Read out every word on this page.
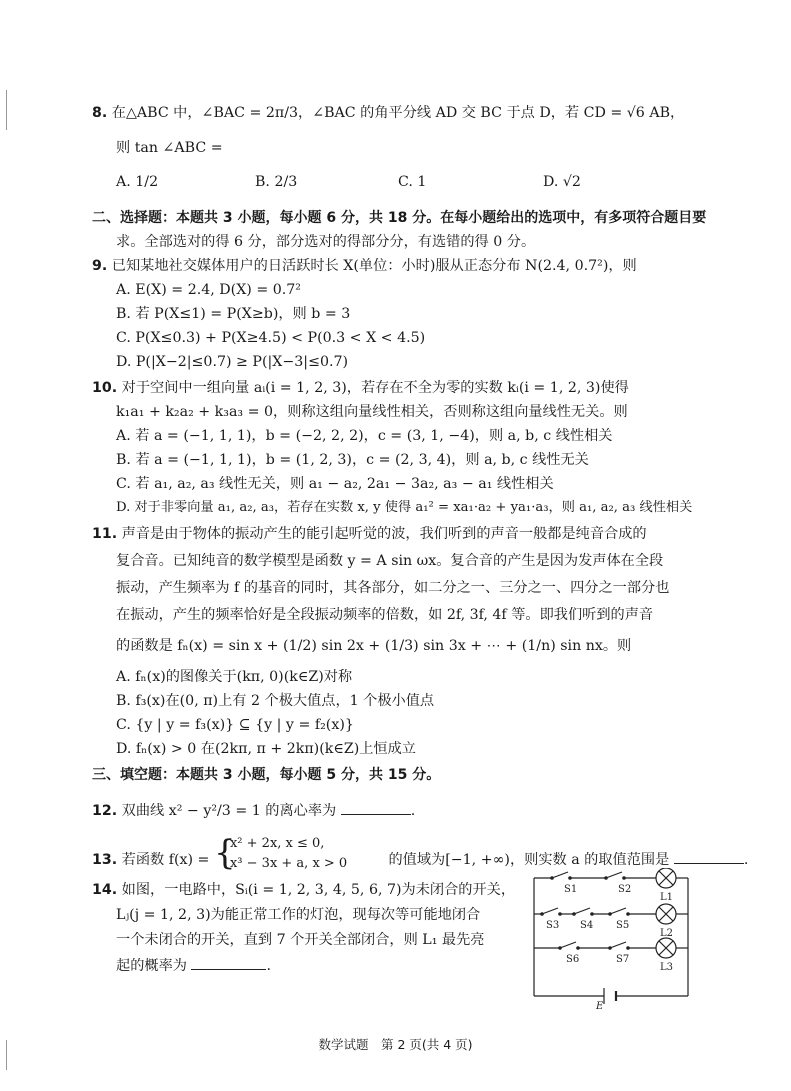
8. 在△ABC 中，∠BAC = 2π/3，∠BAC 的角平分线 AD 交 BC 于点 D，若 CD = √6 AB，
则 tan ∠ABC =
A. 1/2	B. 2/3	C. 1	D. √2
二、选择题：本题共 3 小题，每小题 6 分，共 18 分。在每小题给出的选项中，有多项符合题目要
求。全部选对的得 6 分，部分选对的得部分分，有选错的得 0 分。
9. 已知某地社交媒体用户的日活跃时长 X(单位：小时)服从正态分布 N(2.4, 0.7²)，则
A. E(X) = 2.4, D(X) = 0.7²
B. 若 P(X≤1) = P(X≥b)，则 b = 3
C. P(X≤0.3) + P(X≥4.5) < P(0.3 < X < 4.5)
D. P(|X−2|≤0.7) ≥ P(|X−3|≤0.7)
10. 对于空间中一组向量 aᵢ(i = 1, 2, 3)，若存在不全为零的实数 kᵢ(i = 1, 2, 3)使得
k₁a₁ + k₂a₂ + k₃a₃ = 0，则称这组向量线性相关，否则称这组向量线性无关。则
A. 若 a = (−1, 1, 1)，b = (−2, 2, 2)，c = (3, 1, −4)，则 a, b, c 线性相关
B. 若 a = (−1, 1, 1)，b = (1, 2, 3)，c = (2, 3, 4)，则 a, b, c 线性无关
C. 若 a₁, a₂, a₃ 线性无关，则 a₁ − a₂, 2a₁ − 3a₂, a₃ − a₁ 线性相关
D. 对于非零向量 a₁, a₂, a₃，若存在实数 x, y 使得 a₁² = xa₁·a₂ + ya₁·a₃，则 a₁, a₂, a₃ 线性相关
11. 声音是由于物体的振动产生的能引起听觉的波，我们听到的声音一般都是纯音合成的
复合音。已知纯音的数学模型是函数 y = A sin ωx。复合音的产生是因为发声体在全段
振动，产生频率为 f 的基音的同时，其各部分，如二分之一、三分之一、四分之一部分也
在振动，产生的频率恰好是全段振动频率的倍数，如 2f, 3f, 4f 等。即我们听到的声音
的函数是 fₙ(x) = sin x + (1/2) sin 2x + (1/3) sin 3x + ⋯ + (1/n) sin nx。则
A. fₙ(x)的图像关于(kπ, 0)(k∈Z)对称
B. f₃(x)在(0, π)上有 2 个极大值点，1 个极小值点
C. {y | y = f₃(x)} ⊆ {y | y = f₂(x)}
D. fₙ(x) > 0 在(2kπ, π + 2kπ)(k∈Z)上恒成立
三、填空题：本题共 3 小题，每小题 5 分，共 15 分。
12. 双曲线 x² − y²/3 = 1 的离心率为	.
13. 若函数 f(x) = {
x² + 2x, x ≤ 0,
x³ − 3x + a, x > 0	的值域为[−1, +∞)，则实数 a 的取值范围是	.
14. 如图，一电路中，Sᵢ(i = 1, 2, 3, 4, 5, 6, 7)为未闭合的开关，
Lⱼ(j = 1, 2, 3)为能正常工作的灯泡，现每次等可能地闭合
一个未闭合的开关，直到 7 个开关全部闭合，则 L₁ 最先亮
起的概率为	.
S1	S2
S3 S4 S5
S6	S7
L1
L2
L3
E
数学试题　第 2 页(共 4 页)
